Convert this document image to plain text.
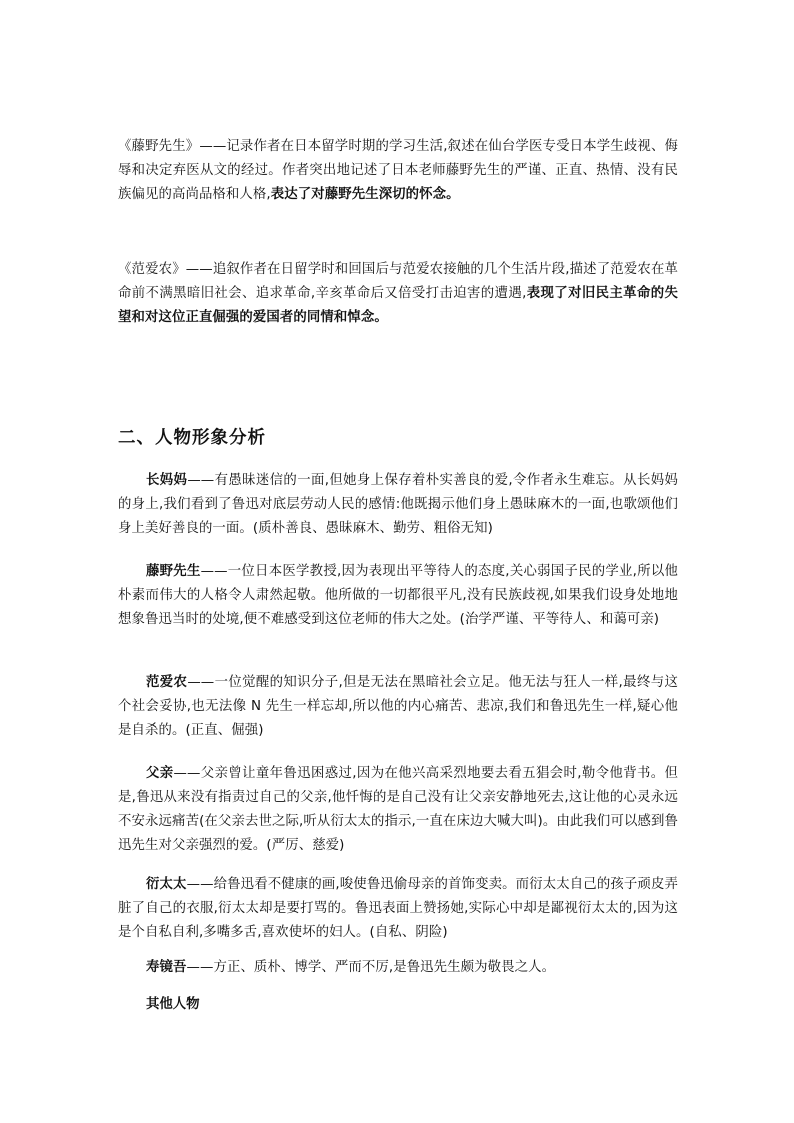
《藤野先生》——记录作者在日本留学时期的学习生活,叙述在仙台学医专受日本学生歧视、侮辱和决定弃医从文的经过。作者突出地记述了日本老师藤野先生的严谨、正直、热情、没有民族偏见的高尚品格和人格,表达了对藤野先生深切的怀念。

《范爱农》——追叙作者在日留学时和回国后与范爱农接触的几个生活片段,描述了范爱农在革命前不满黑暗旧社会、追求革命,辛亥革命后又倍受打击迫害的遭遇,表现了对旧民主革命的失望和对这位正直倔强的爱国者的同情和悼念。

二、人物形象分析

长妈妈——有愚昧迷信的一面,但她身上保存着朴实善良的爱,令作者永生难忘。从长妈妈的身上,我们看到了鲁迅对底层劳动人民的感情:他既揭示他们身上愚昧麻木的一面,也歌颂他们身上美好善良的一面。(质朴善良、愚昧麻木、勤劳、粗俗无知)

藤野先生——一位日本医学教授,因为表现出平等待人的态度,关心弱国子民的学业,所以他朴素而伟大的人格令人肃然起敬。他所做的一切都很平凡,没有民族歧视,如果我们设身处地地想象鲁迅当时的处境,便不难感受到这位老师的伟大之处。(治学严谨、平等待人、和蔼可亲)

范爱农——一位觉醒的知识分子,但是无法在黑暗社会立足。他无法与狂人一样,最终与这个社会妥协,也无法像 N 先生一样忘却,所以他的内心痛苦、悲凉,我们和鲁迅先生一样,疑心他是自杀的。(正直、倔强)

父亲——父亲曾让童年鲁迅困惑过,因为在他兴高采烈地要去看五猖会时,勒令他背书。但是,鲁迅从来没有指责过自己的父亲,他忏悔的是自己没有让父亲安静地死去,这让他的心灵永远不安永远痛苦(在父亲去世之际,听从衍太太的指示,一直在床边大喊大叫)。由此我们可以感到鲁迅先生对父亲强烈的爱。(严厉、慈爱)

衍太太——给鲁迅看不健康的画,唆使鲁迅偷母亲的首饰变卖。而衍太太自己的孩子顽皮弄脏了自己的衣服,衍太太却是要打骂的。鲁迅表面上赞扬她,实际心中却是鄙视衍太太的,因为这是个自私自利,多嘴多舌,喜欢使坏的妇人。(自私、阴险)

寿镜吾——方正、质朴、博学、严而不厉,是鲁迅先生颇为敬畏之人。

其他人物
